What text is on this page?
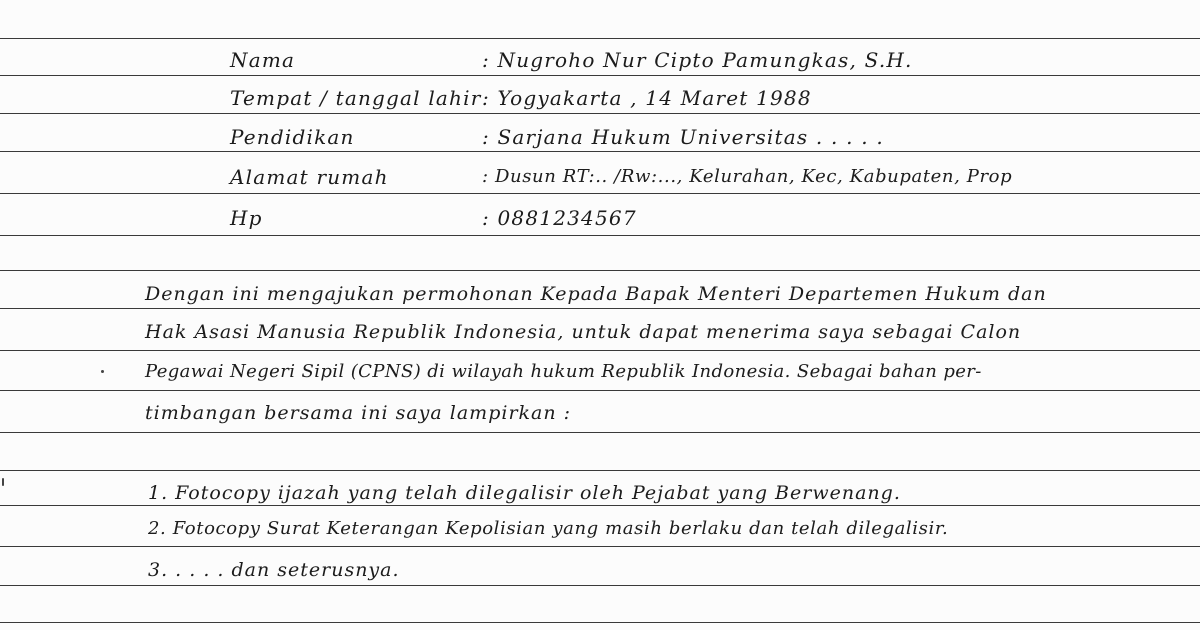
Nama
Tempat / tanggal lahir
Pendidikan
Alamat rumah
Hp
: Nugroho Nur Cipto Pamungkas, S.H.
: Yogyakarta , 14 Maret 1988
: Sarjana Hukum Universitas . . . . .
: Dusun RT:.. /Rw:..., Kelurahan, Kec, Kabupaten, Prop
: 0881234567
Dengan ini mengajukan permohonan Kepada Bapak Menteri Departemen Hukum dan
Hak Asasi Manusia Republik Indonesia, untuk dapat menerima saya sebagai Calon
Pegawai Negeri Sipil (CPNS) di wilayah hukum Republik Indonesia. Sebagai bahan per-
timbangan bersama ini saya lampirkan :
1. Fotocopy ijazah yang telah dilegalisir oleh Pejabat yang Berwenang.
2. Fotocopy Surat Keterangan Kepolisian yang masih berlaku dan telah dilegalisir.
3. . . . . dan seterusnya.
